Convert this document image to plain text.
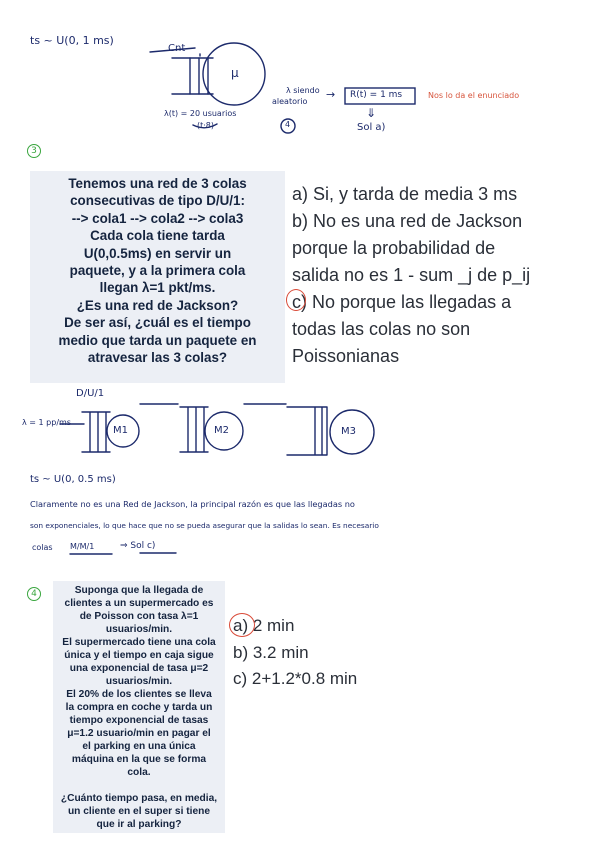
ts ~ U(0, 1 ms)
Cnt
μ
λ(t) = 20 usuarios
(t·8)
λ siendo
aleatorio
→ R(t) = 1 ms	Nos lo da el enunciado
4
⇓
Sol a)
3
Tenemos una red de 3 colas
consecutivas de tipo D/U/1:
--> cola1 --> cola2 --> cola3
Cada cola tiene tarda
U(0,0.5ms) en servir un
paquete, y a la primera cola
llegan λ=1 pkt/ms.
¿Es una red de Jackson?
De ser así, ¿cuál es el tiempo
medio que tarda un paquete en
atravesar las 3 colas?
a) Si, y tarda de media 3 ms
b) No es una red de Jackson
porque la probabilidad de
salida no es 1 - sum _j de p_ij
c) No porque las llegadas a
todas las colas no son
Poissonianas
D/U/1
λ = 1 pp/ms
M1	M2	M3
ts ~ U(0, 0.5 ms)
Claramente no es una Red de Jackson, la principal razón es que las llegadas no
son exponenciales, lo que hace que no se pueda asegurar que la salidas lo sean. Es necesario
colas M/M/1	⇒ Sol c)
4	Suponga que la llegada de
clientes a un supermercado es
de Poisson con tasa λ=1
usuarios/min.
El supermercado tiene una cola
única y el tiempo en caja sigue
una exponencial de tasa μ=2
usuarios/min.
El 20% de los clientes se lleva
la compra en coche y tarda un
tiempo exponencial de tasas
μ=1.2 usuario/min en pagar el
el parking en una única
máquina en la que se forma
cola.
¿Cuánto tiempo pasa, en media,
un cliente en el super si tiene
que ir al parking?
a) 2 min
b) 3.2 min
c) 2+1.2*0.8 min
